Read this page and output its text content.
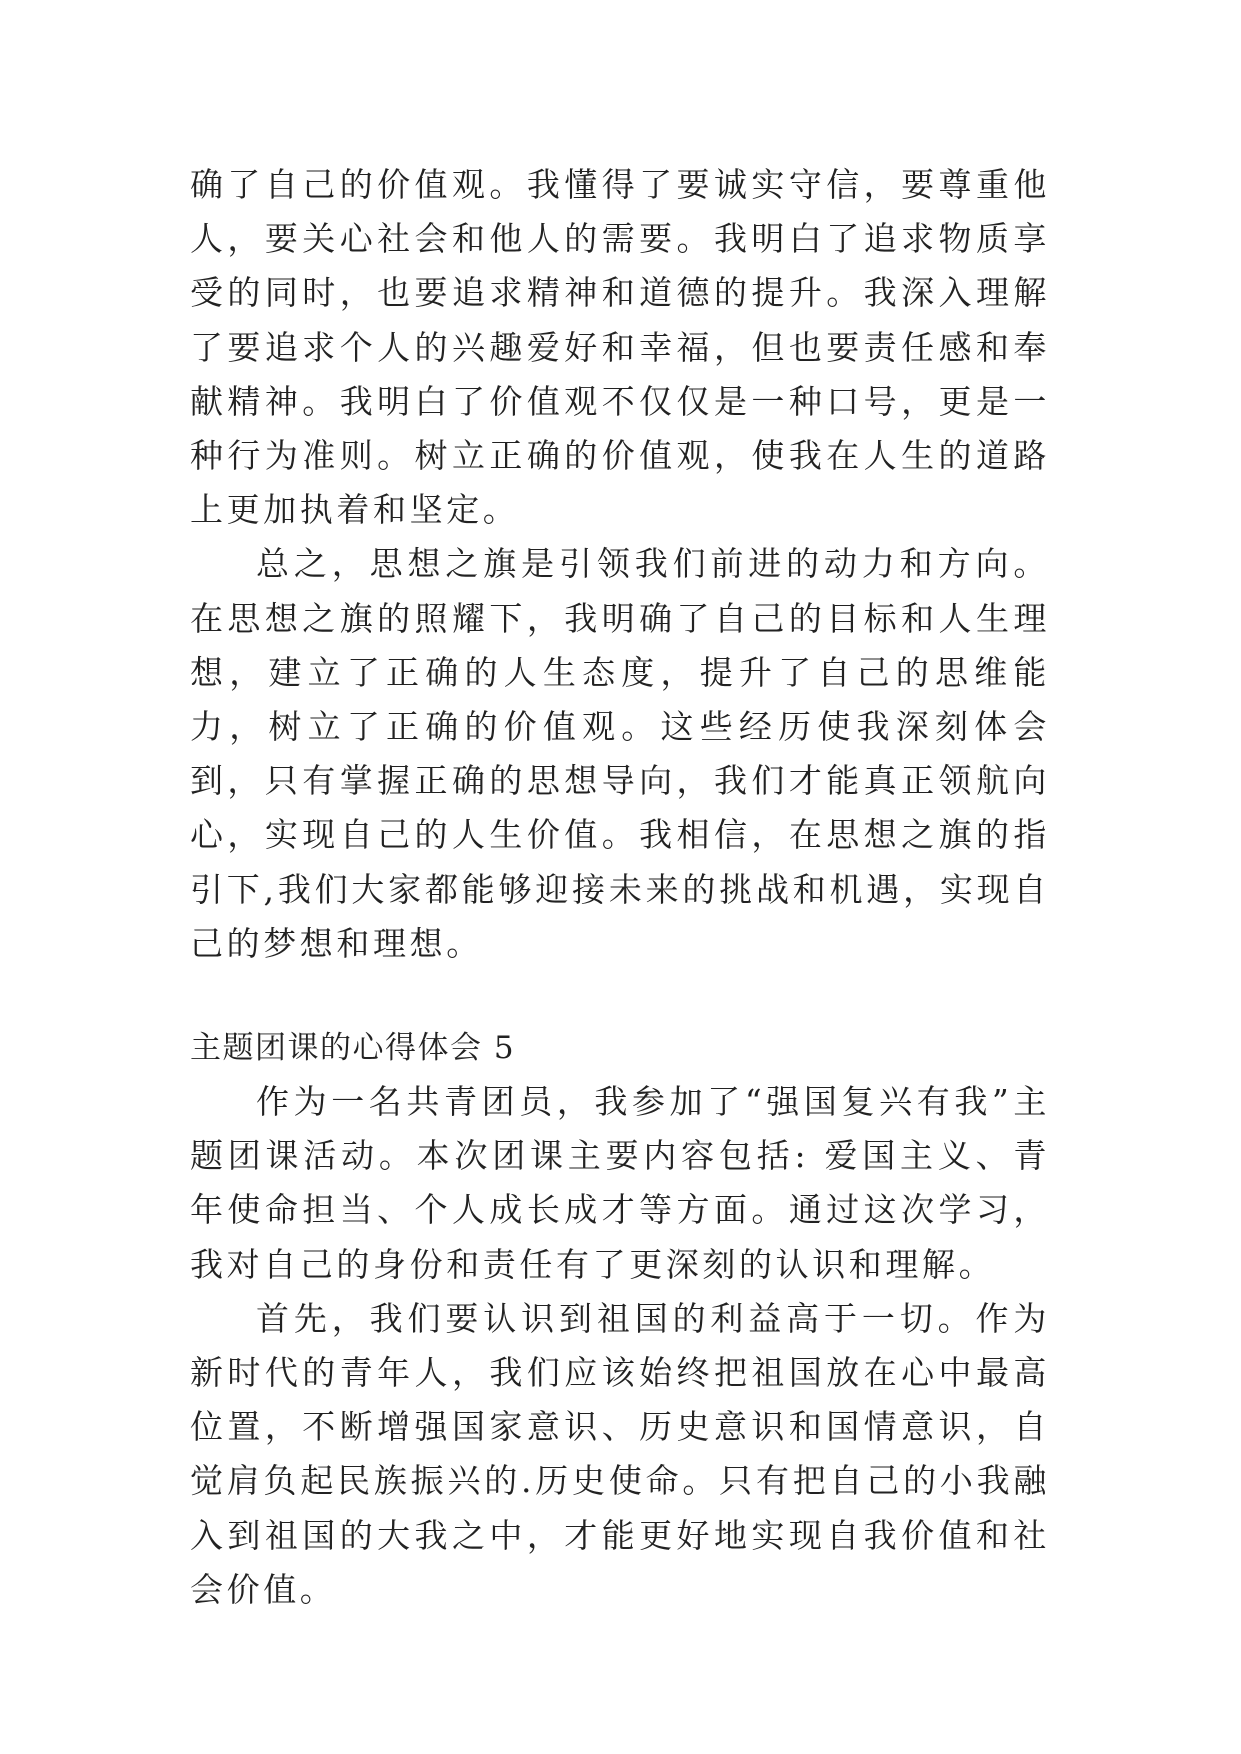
确了自己的价值观。我懂得了要诚实守信，要尊重他人，要关心社会和他人的需要。我明白了追求物质享受的同时，也要追求精神和道德的提升。我深入理解了要追求个人的兴趣爱好和幸福，但也要责任感和奉献精神。我明白了价值观不仅仅是一种口号，更是一种行为准则。树立正确的价值观，使我在人生的道路上更加执着和坚定。

总之，思想之旗是引领我们前进的动力和方向。在思想之旗的照耀下，我明确了自己的目标和人生理想，建立了正确的人生态度，提升了自己的思维能力，树立了正确的价值观。这些经历使我深刻体会到，只有掌握正确的思想导向，我们才能真正领航向心，实现自己的人生价值。我相信，在思想之旗的指引下,我们大家都能够迎接未来的挑战和机遇，实现自己的梦想和理想。

主题团课的心得体会 5

作为一名共青团员，我参加了“强国复兴有我”主题团课活动。本次团课主要内容包括: 爱国主义、青年使命担当、个人成长成才等方面。通过这次学习，我对自己的身份和责任有了更深刻的认识和理解。

首先，我们要认识到祖国的利益高于一切。作为新时代的青年人，我们应该始终把祖国放在心中最高位置，不断增强国家意识、历史意识和国情意识，自觉肩负起民族振兴的.历史使命。只有把自己的小我融入到祖国的大我之中，才能更好地实现自我价值和社会价值。
